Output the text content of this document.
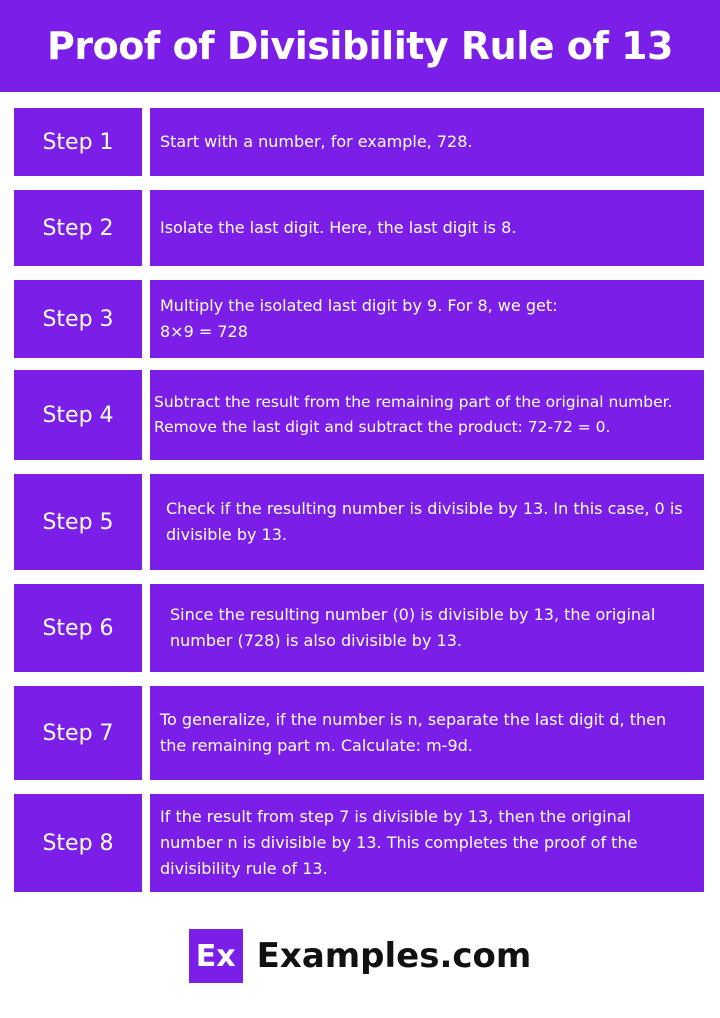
Proof of Divisibility Rule of 13
Step 1	Start with a number, for example, 728.
Step 2	Isolate the last digit. Here, the last digit is 8.
Step 3
Multiply the isolated last digit by 9. For 8, we get:
8×9 = 728
Step 4
Subtract the result from the remaining part of the original number. Remove the last digit and subtract the product: 72-72 = 0.
Step 5
Check if the resulting number is divisible by 13. In this case, 0 is divisible by 13.
Step 6
Since the resulting number (0) is divisible by 13, the original number (728) is also divisible by 13.
Step 7
To generalize, if the number is n, separate the last digit d, then the remaining part m. Calculate: m-9d.
Step 8
If the result from step 7 is divisible by 13, then the original number n is divisible by 13. This completes the proof of the divisibility rule of 13.
Ex Examples.com
